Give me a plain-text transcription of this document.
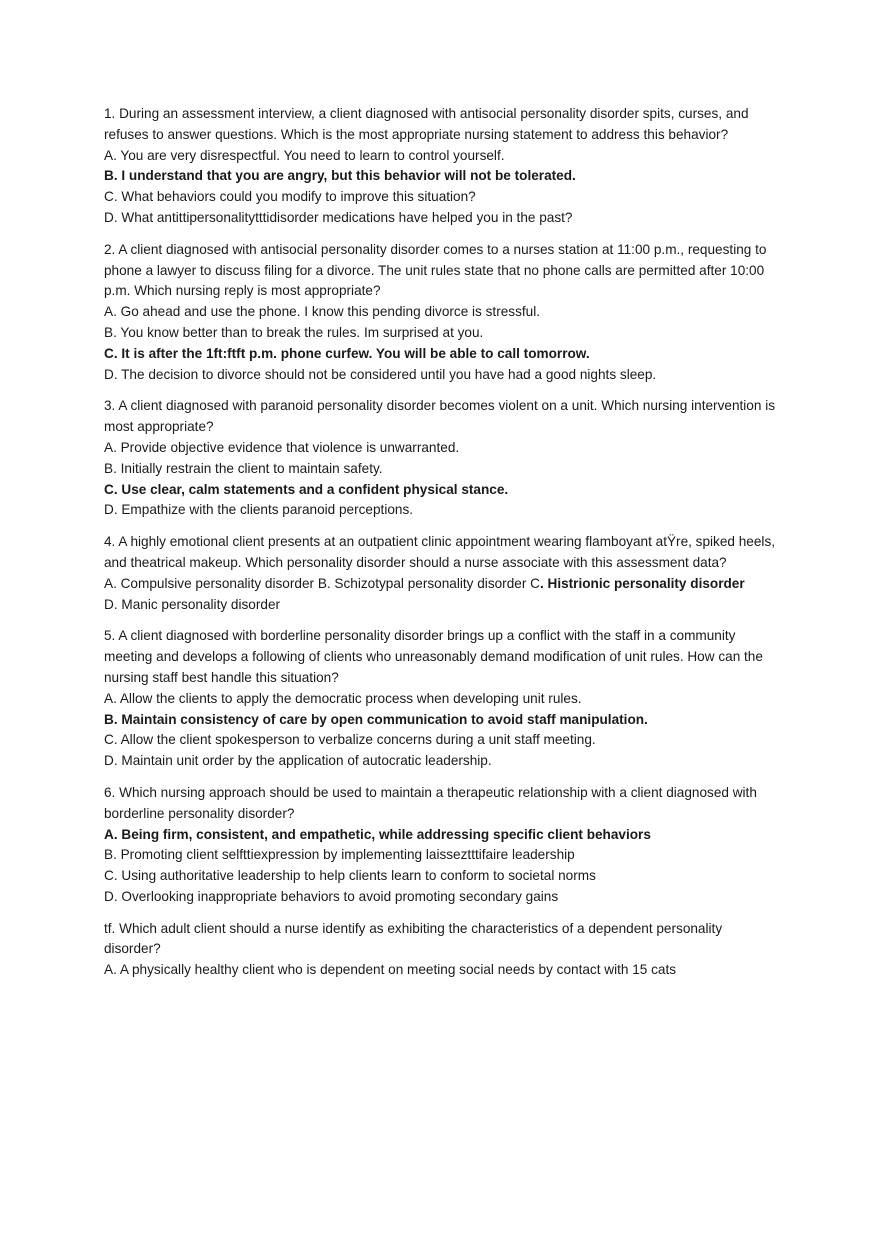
1. During an assessment interview, a client diagnosed with antisocial personality disorder spits, curses, and refuses to answer questions. Which is the most appropriate nursing statement to address this behavior?

A. You are very disrespectful. You need to learn to control yourself.

B. I understand that you are angry, but this behavior will not be tolerated.

C. What behaviors could you modify to improve this situation?

D. What antittipersonalitytttidisorder medications have helped you in the past?

2. A client diagnosed with antisocial personality disorder comes to a nurses station at 11:00 p.m., requesting to phone a lawyer to discuss filing for a divorce. The unit rules state that no phone calls are permitted after 10:00 p.m. Which nursing reply is most appropriate?

A. Go ahead and use the phone. I know this pending divorce is stressful.

B. You know better than to break the rules. Im surprised at you.

C. It is after the 1ft:ftft p.m. phone curfew. You will be able to call tomorrow.

D. The decision to divorce should not be considered until you have had a good nights sleep.

3. A client diagnosed with paranoid personality disorder becomes violent on a unit. Which nursing intervention is most appropriate?

A. Provide objective evidence that violence is unwarranted.

B. Initially restrain the client to maintain safety.

C. Use clear, calm statements and a confident physical stance.

D. Empathize with the clients paranoid perceptions.

4. A highly emotional client presents at an outpatient clinic appointment wearing flamboyant atŸre, spiked heels, and theatrical makeup. Which personality disorder should a nurse associate with this assessment data?

A. Compulsive personality disorder B. Schizotypal personality disorder C. Histrionic personality disorder

D. Manic personality disorder

5. A client diagnosed with borderline personality disorder brings up a conflict with the staff in a community meeting and develops a following of clients who unreasonably demand modification of unit rules. How can the nursing staff best handle this situation?

A. Allow the clients to apply the democratic process when developing unit rules.

B. Maintain consistency of care by open communication to avoid staff manipulation.

C. Allow the client spokesperson to verbalize concerns during a unit staff meeting.

D. Maintain unit order by the application of autocratic leadership.

6. Which nursing approach should be used to maintain a therapeutic relationship with a client diagnosed with borderline personality disorder?

A. Being firm, consistent, and empathetic, while addressing specific client behaviors

B. Promoting client selfttiexpression by implementing laisseztttifaire leadership

C. Using authoritative leadership to help clients learn to conform to societal norms

D. Overlooking inappropriate behaviors to avoid promoting secondary gains

tf. Which adult client should a nurse identify as exhibiting the characteristics of a dependent personality disorder?

A. A physically healthy client who is dependent on meeting social needs by contact with 15 cats
